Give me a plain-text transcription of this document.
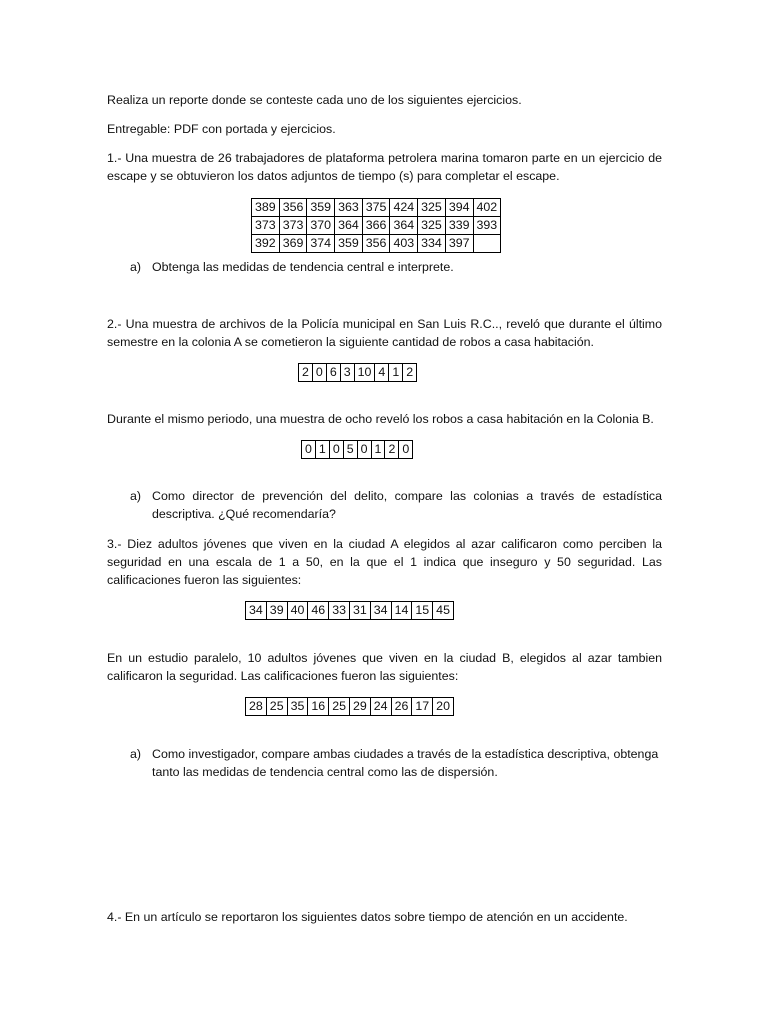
Realiza un reporte donde se conteste cada uno de los siguientes ejercicios.
Entregable: PDF con portada y ejercicios.
1.- Una muestra de 26 trabajadores de plataforma petrolera marina tomaron parte en un ejercicio de escape y se obtuvieron los datos adjuntos de tiempo (s) para completar el escape.
389	356	359	363	375	424	325	394	402
373	373	370	364	366	364	325	339	393
392	369	374	359	356	403	334	397	
a) Obtenga las medidas de tendencia central e interprete.
2.- Una muestra de archivos de la Policía municipal en San Luis R.C.., reveló que durante el último semestre en la colonia A se cometieron la siguiente cantidad de robos a casa habitación.
2	0	6	3	10	4	1	2
Durante el mismo periodo, una muestra de ocho reveló los robos a casa habitación en la Colonia B.
0	1	0	5	0	1	2	0
a) Como director de prevención del delito, compare las colonias a través de estadística descriptiva. ¿Qué recomendaría?
3.- Diez adultos jóvenes que viven en la ciudad A elegidos al azar calificaron como perciben la seguridad en una escala de 1 a 50, en la que el 1 indica que inseguro y 50 seguridad. Las calificaciones fueron las siguientes:
34	39	40	46	33	31	34	14	15	45
En un estudio paralelo, 10 adultos jóvenes que viven en la ciudad B, elegidos al azar tambien calificaron la seguridad. Las calificaciones fueron las siguientes:
28	25	35	16	25	29	24	26	17	20
a) Como investigador, compare ambas ciudades a través de la estadística descriptiva, obtenga tanto las medidas de tendencia central como las de dispersión.
4.- En un artículo se reportaron los siguientes datos sobre tiempo de atención en un accidente.
